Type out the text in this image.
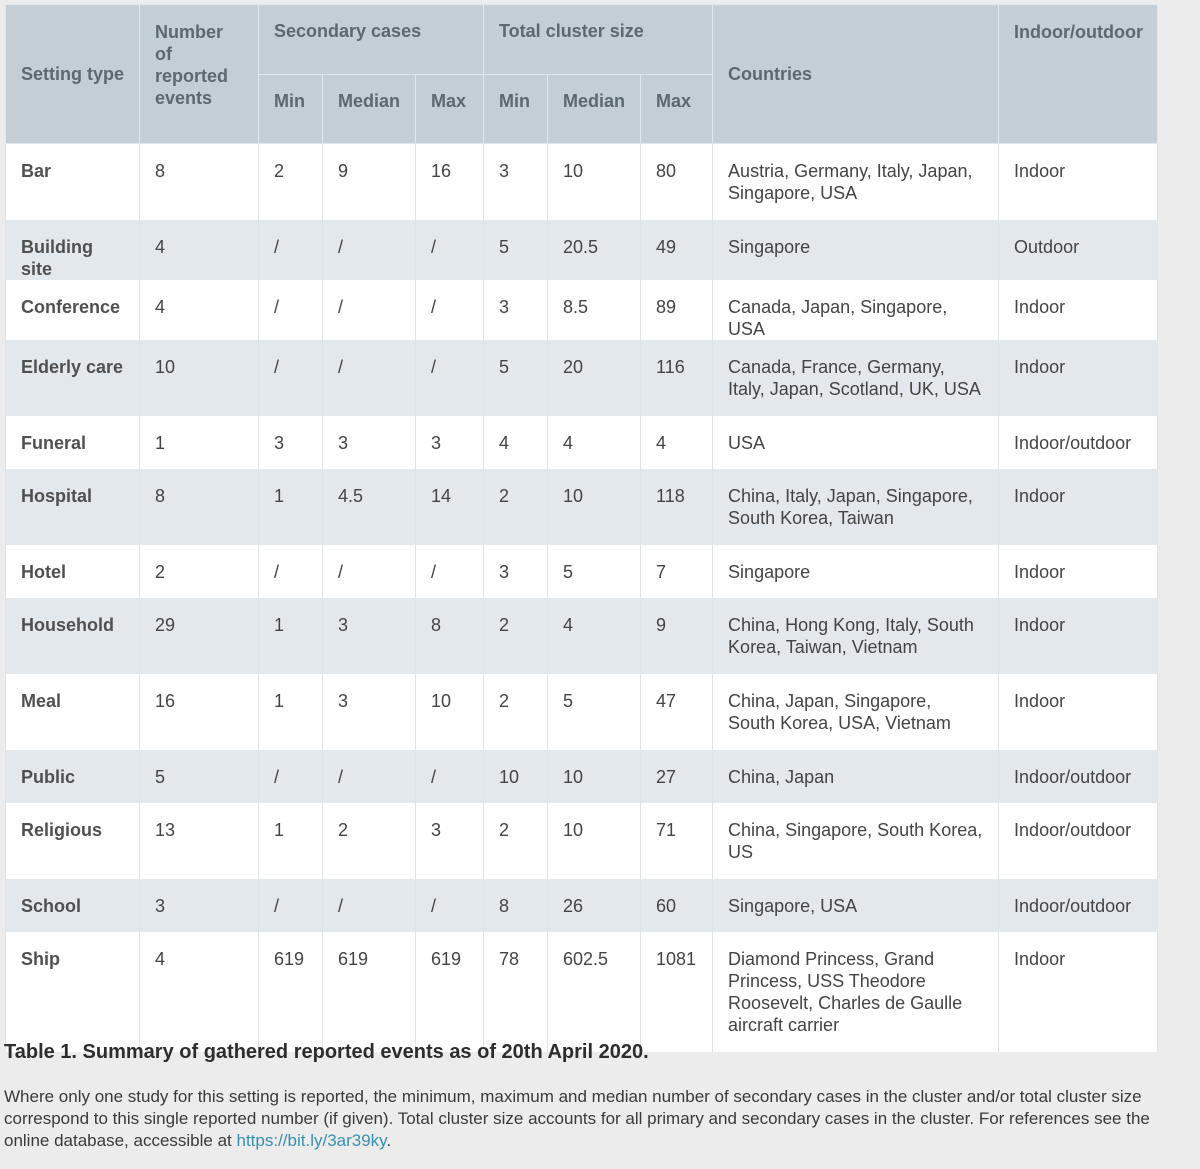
Setting type	Number of reported events	Secondary cases			Total cluster size			Countries	Indoor/outdoor
		Min	Median	Max	Min	Median	Max		
Bar	8	2	9	16	3	10	80	Austria, Germany, Italy, Japan, Singapore, USA	Indoor
Building site	4	/	/	/	5	20.5	49	Singapore	Outdoor
Conference	4	/	/	/	3	8.5	89	Canada, Japan, Singapore, USA	Indoor
Elderly care	10	/	/	/	5	20	116	Canada, France, Germany, Italy, Japan, Scotland, UK, USA	Indoor
Funeral	1	3	3	3	4	4	4	USA	Indoor/outdoor
Hospital	8	1	4.5	14	2	10	118	China, Italy, Japan, Singapore, South Korea, Taiwan	Indoor
Hotel	2	/	/	/	3	5	7	Singapore	Indoor
Household	29	1	3	8	2	4	9	China, Hong Kong, Italy, South Korea, Taiwan, Vietnam	Indoor
Meal	16	1	3	10	2	5	47	China, Japan, Singapore, South Korea, USA, Vietnam	Indoor
Public	5	/	/	/	10	10	27	China, Japan	Indoor/outdoor
Religious	13	1	2	3	2	10	71	China, Singapore, South Korea, US	Indoor/outdoor
School	3	/	/	/	8	26	60	Singapore, USA	Indoor/outdoor
Ship	4	619	619	619	78	602.5	1081	Diamond Princess, Grand Princess, USS Theodore Roosevelt, Charles de Gaulle aircraft carrier	Indoor
Table 1. Summary of gathered reported events as of 20th April 2020.
Where only one study for this setting is reported, the minimum, maximum and median number of secondary cases in the cluster and/or total cluster size correspond to this single reported number (if given). Total cluster size accounts for all primary and secondary cases in the cluster. For references see the online database, accessible at https://bit.ly/3ar39ky.
